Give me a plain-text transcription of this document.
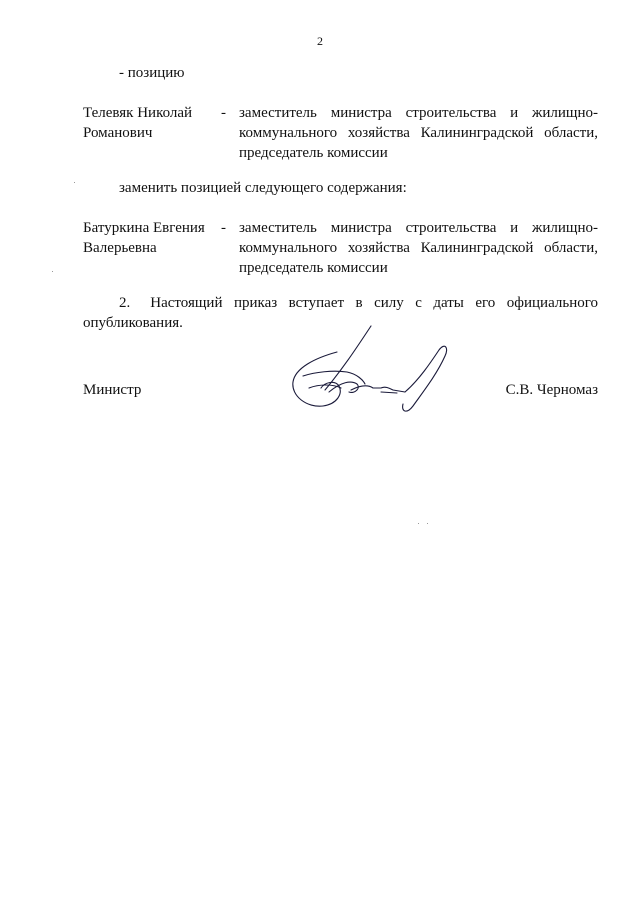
2
- позицию
Телевяк Николай
Романович
- заместитель министра строительства и жилищно-
коммунального хозяйства Калининградской области,
председатель комиссии
заменить позицией следующего содержания:
Батуркина Евгения
Валерьевна
- заместитель министра строительства и жилищно-
коммунального хозяйства Калининградской области,
председатель комиссии
2. Настоящий приказ вступает в силу с даты его официального
опубликования.
Министр	С.В. Черномаз
